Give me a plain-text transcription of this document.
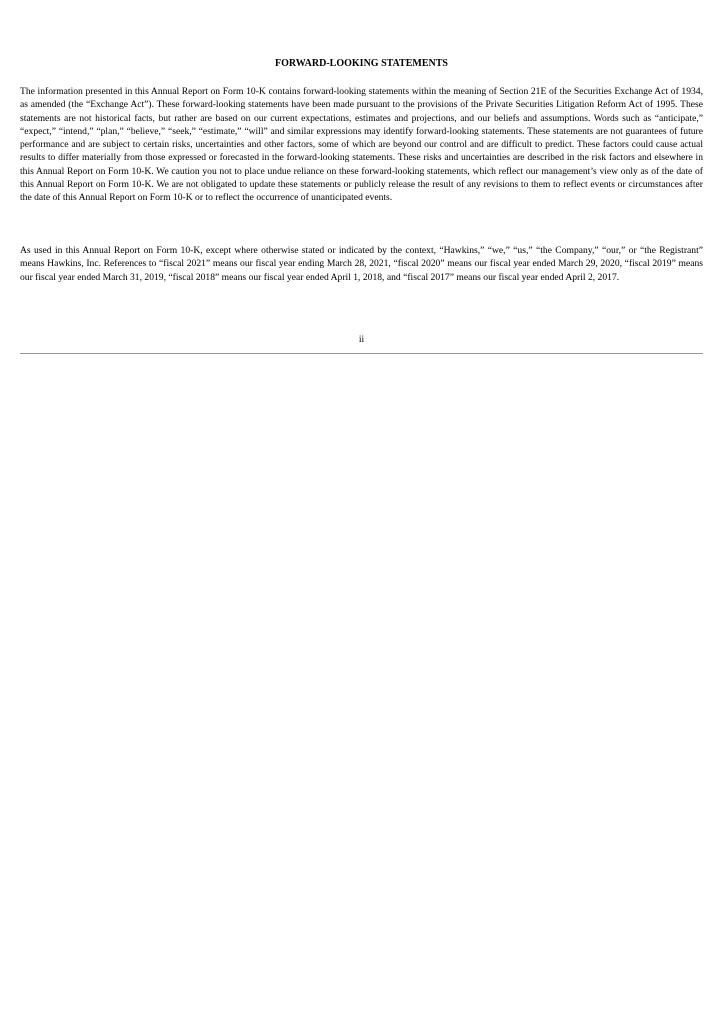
FORWARD-LOOKING STATEMENTS

The information presented in this Annual Report on Form 10-K contains forward-looking statements within the meaning of Section 21E of the Securities Exchange Act of 1934, as amended (the “Exchange Act”). These forward-looking statements have been made pursuant to the provisions of the Private Securities Litigation Reform Act of 1995. These statements are not historical facts, but rather are based on our current expectations, estimates and projections, and our beliefs and assumptions. Words such as “anticipate,” “expect,” “intend,” “plan,” “believe,” “seek,” “estimate,” “will” and similar expressions may identify forward-looking statements. These statements are not guarantees of future performance and are subject to certain risks, uncertainties and other factors, some of which are beyond our control and are difficult to predict. These factors could cause actual results to differ materially from those expressed or forecasted in the forward-looking statements. These risks and uncertainties are described in the risk factors and elsewhere in this Annual Report on Form 10-K. We caution you not to place undue reliance on these forward-looking statements, which reflect our management’s view only as of the date of this Annual Report on Form 10-K. We are not obligated to update these statements or publicly release the result of any revisions to them to reflect events or circumstances after the date of this Annual Report on Form 10-K or to reflect the occurrence of unanticipated events.

As used in this Annual Report on Form 10-K, except where otherwise stated or indicated by the context, “Hawkins,” “we,” “us,” “the Company,” “our,” or “the Registrant” means Hawkins, Inc. References to “fiscal 2021” means our fiscal year ending March 28, 2021, “fiscal 2020” means our fiscal year ended March 29, 2020, “fiscal 2019” means our fiscal year ended March 31, 2019, “fiscal 2018” means our fiscal year ended April 1, 2018, and “fiscal 2017” means our fiscal year ended April 2, 2017.

ii
